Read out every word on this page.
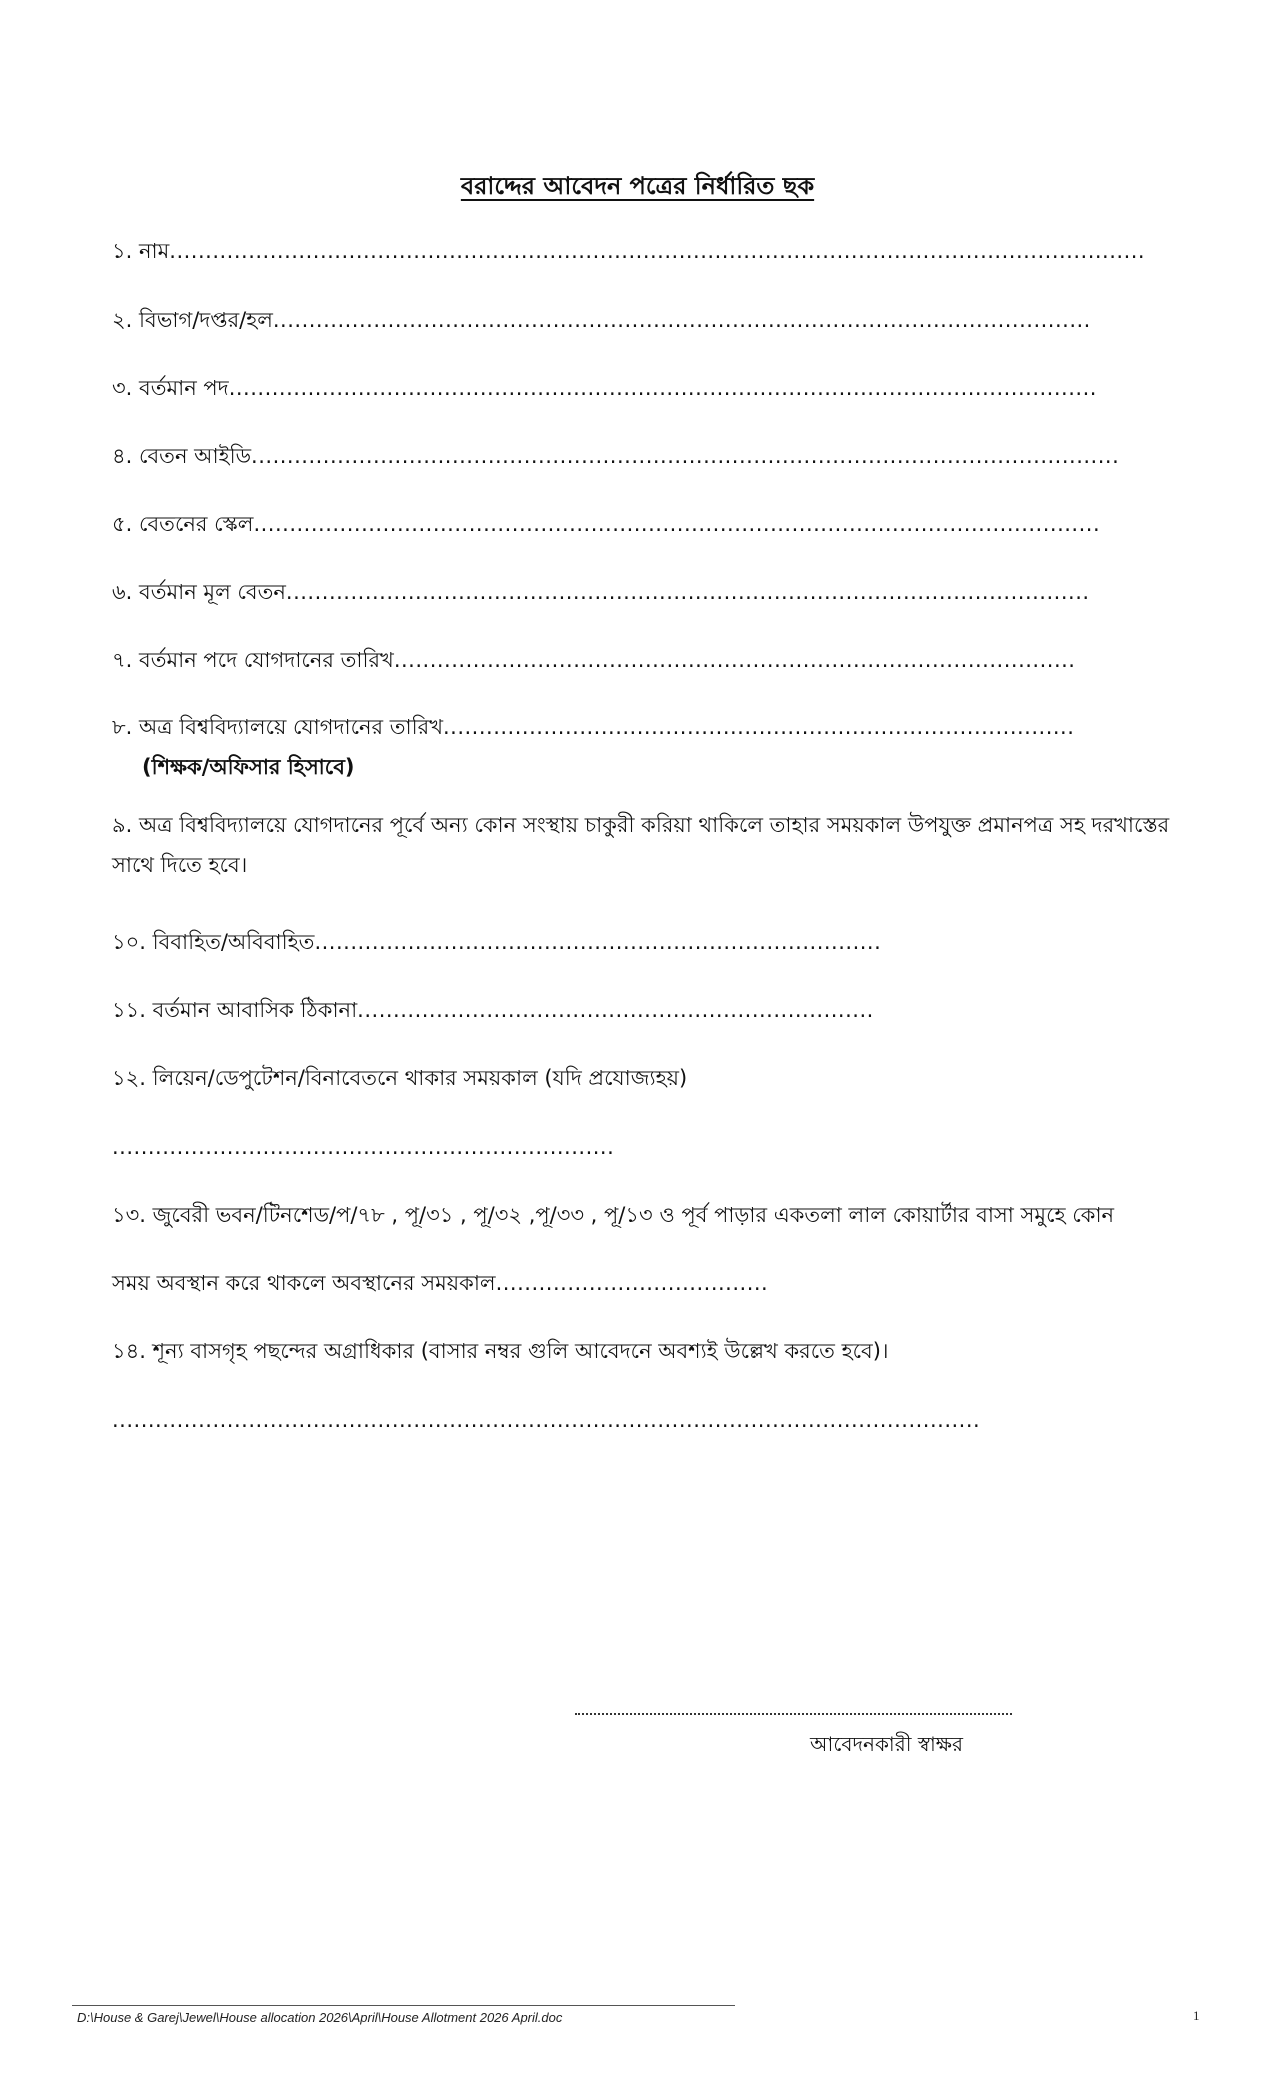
বরাদ্দের আবেদন পত্রের নির্ধারিত ছক
১. নাম........................................................................................................................................
২. বিভাগ/দপ্তর/হল..................................................................................................................
৩. বর্তমান পদ.........................................................................................................................
৪. বেতন আইডি.........................................................................................................................
৫. বেতনের স্কেল......................................................................................................................
৬. বর্তমান মূল বেতন................................................................................................................
৭. বর্তমান পদে যোগদানের তারিখ...............................................................................................
৮. অত্র বিশ্ববিদ্যালয়ে যোগদানের তারিখ........................................................................................
(শিক্ষক/অফিসার হিসাবে)
৯. অত্র বিশ্ববিদ্যালয়ে যোগদানের পূর্বে অন্য কোন সংস্থায় চাকুরী করিয়া থাকিলে তাহার সময়কাল উপযুক্ত প্রমানপত্র সহ দরখাস্তের সাথে দিতে হবে।
১০. বিবাহিত/অবিবাহিত...............................................................................
১১. বর্তমান আবাসিক ঠিকানা........................................................................
১২. লিয়েন/ডেপুটেশন/বিনাবেতনে থাকার সময়কাল (যদি প্রযোজ্যহয়)
......................................................................
১৩. জুবেরী ভবন/টিনশেড/প/৭৮ , পূ/৩১ , পূ/৩২ ,পূ/৩৩ , পূ/১৩ ও পূর্ব পাড়ার একতলা লাল কোয়ার্টার বাসা সমুহে কোন
সময় অবস্থান করে থাকলে অবস্থানের সময়কাল......................................
১৪. শূন্য বাসগৃহ পছন্দের অগ্রাধিকার (বাসার নম্বর গুলি আবেদনে অবশ্যই উল্লেখ করতে হবে)।
.........................................................................................................................
আবেদনকারী স্বাক্ষর
D:\House & Garej\Jewel\House allocation 2026\April\House Allotment 2026 April.doc	1
